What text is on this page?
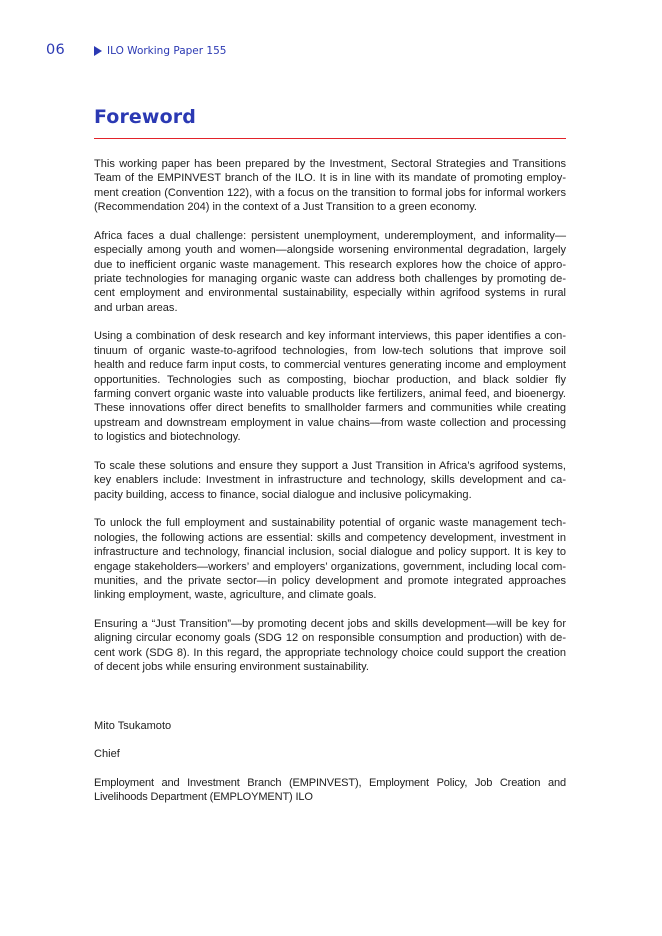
06	ILO Working Paper 155
Foreword

This working paper has been prepared by the Investment, Sectoral Strategies and Transitions Team of the EMPINVEST branch of the ILO. It is in line with its mandate of promoting employment creation (Convention 122), with a focus on the transition to formal jobs for informal workers (Recommendation 204) in the context of a Just Transition to a green economy.

Africa faces a dual challenge: persistent unemployment, underemployment, and informality—especially among youth and women—alongside worsening environmental degradation, largely due to inefficient organic waste management. This research explores how the choice of appropriate technologies for managing organic waste can address both challenges by promoting decent employment and environmental sustainability, especially within agrifood systems in rural and urban areas.

Using a combination of desk research and key informant interviews, this paper identifies a continuum of organic waste-to-agrifood technologies, from low-tech solutions that improve soil health and reduce farm input costs, to commercial ventures generating income and employment opportunities. Technologies such as composting, biochar production, and black soldier fly farming convert organic waste into valuable products like fertilizers, animal feed, and bioenergy. These innovations offer direct benefits to smallholder farmers and communities while creating upstream and downstream employment in value chains—from waste collection and processing to logistics and biotechnology.

To scale these solutions and ensure they support a Just Transition in Africa’s agrifood systems, key enablers include: Investment in infrastructure and technology, skills development and capacity building, access to finance, social dialogue and inclusive policymaking.

To unlock the full employment and sustainability potential of organic waste management technologies, the following actions are essential: skills and competency development, investment in infrastructure and technology, financial inclusion, social dialogue and policy support. It is key to engage stakeholders—workers’ and employers’ organizations, government, including local communities, and the private sector—in policy development and promote integrated approaches linking employment, waste, agriculture, and climate goals.

Ensuring a “Just Transition”—by promoting decent jobs and skills development—will be key for aligning circular economy goals (SDG 12 on responsible consumption and production) with decent work (SDG 8). In this regard, the appropriate technology choice could support the creation of decent jobs while ensuring environment sustainability.

Mito Tsukamoto

Chief

Employment and Investment Branch (EMPINVEST), Employment Policy, Job Creation and Livelihoods Department (EMPLOYMENT) ILO
